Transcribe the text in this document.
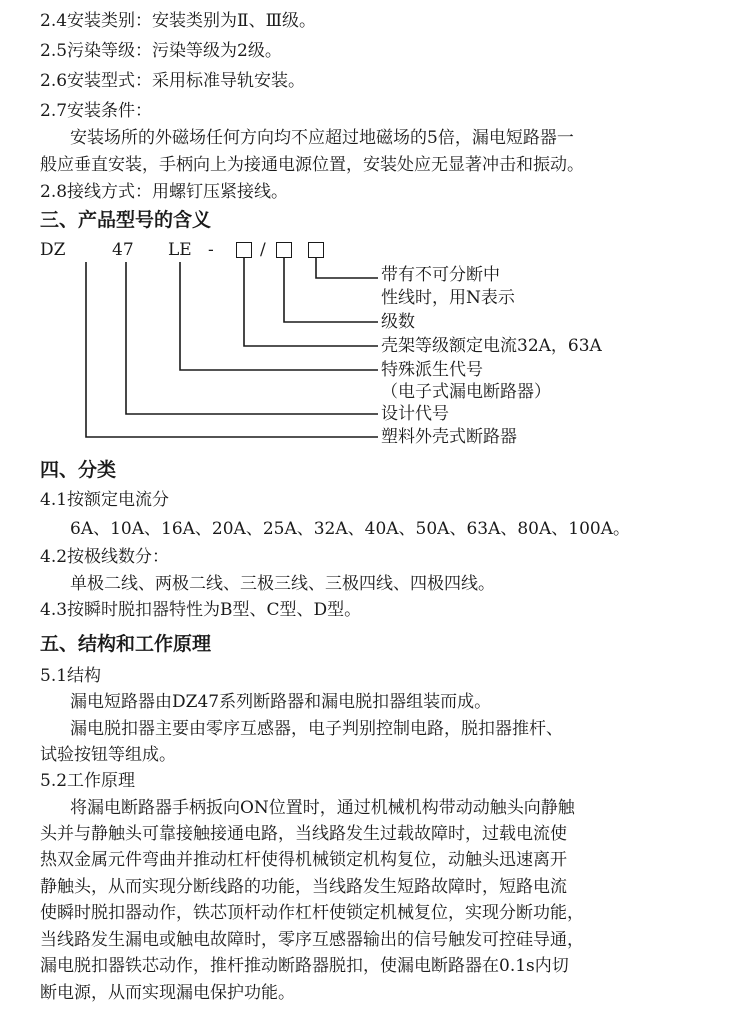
2.4安装类别：安装类别为Ⅱ、Ⅲ级。
2.5污染等级：污染等级为2级。
2.6安装型式：采用标准导轨安装。
2.7安装条件：
安装场所的外磁场任何方向均不应超过地磁场的5倍，漏电短路器一
般应垂直安装，手柄向上为接通电源位置，安装处应无显著冲击和振动。
2.8接线方式：用螺钉压紧接线。
三、产品型号的含义
DZ	47 LE -	/
带有不可分断中
性线时，用N表示
级数
壳架等级额定电流32A，63A
特殊派生代号
（电子式漏电断路器）
设计代号
塑料外壳式断路器
四、分类
4.1按额定电流分
6A、10A、16A、20A、25A、32A、40A、50A、63A、80A、100A。
4.2按极线数分：
单极二线、两极二线、三极三线、三极四线、四极四线。
4.3按瞬时脱扣器特性为B型、C型、D型。
五、结构和工作原理
5.1结构
漏电短路器由DZ47系列断路器和漏电脱扣器组装而成。
漏电脱扣器主要由零序互感器，电子判别控制电路，脱扣器推杆、
试验按钮等组成。
5.2工作原理
将漏电断路器手柄扳向ON位置时，通过机械机构带动动触头向静触
头并与静触头可靠接触接通电路，当线路发生过载故障时，过载电流使
热双金属元件弯曲并推动杠杆使得机械锁定机构复位，动触头迅速离开
静触头，从而实现分断线路的功能，当线路发生短路故障时，短路电流
使瞬时脱扣器动作，铁芯顶杆动作杠杆使锁定机械复位，实现分断功能，
当线路发生漏电或触电故障时，零序互感器输出的信号触发可控硅导通，
漏电脱扣器铁芯动作，推杆推动断路器脱扣，使漏电断路器在0.1s内切
断电源，从而实现漏电保护功能。
